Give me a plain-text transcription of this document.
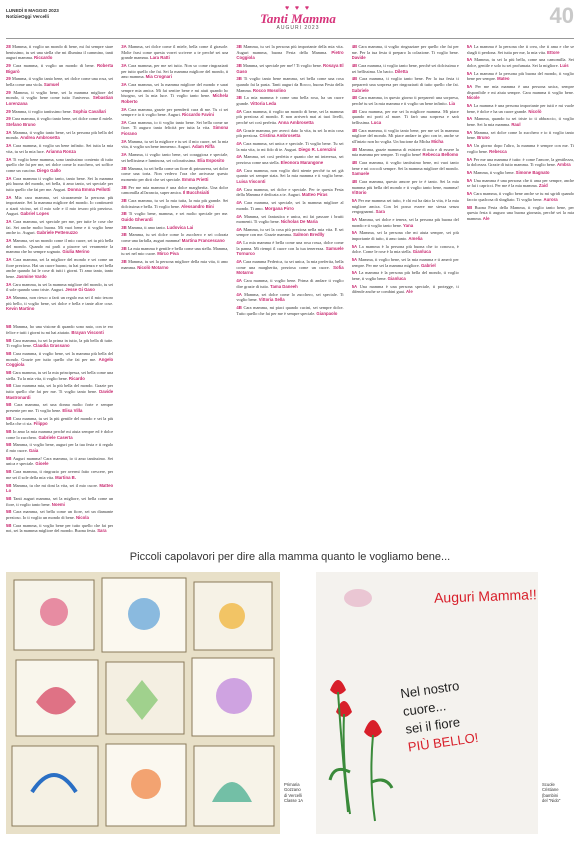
LUNEDÌ 8 MAGGIO 2023
NotizieOggi Vercelli
♥ ♥ ♥
Tanti Mamma
AUGURI 2023	40

28 Mamma, ti voglio un mondo di bene, mi fai sempre stare benissimo, tu sei una stella che mi illumina il cammino, tanti auguri mamma. Riccardo

29 Cara mamma, ti voglio un mondo di bene. Roberta Bigarò

29 Mamma, ti voglio tanto bene, sei dolce come una rosa, sei bella come una viola. Samuel

29 Mamma, ti voglio bene, sei la mamma migliore del mondo, ti voglio bene come tutto l'universo. Sebastian Lorenzana

29 Mamma, ti voglio tantissimo bene. Sophia Cavallari

29 Cara mamma, ti voglio tanto bene, sei dolce come il miele. Stefano Bruno

3A Mamma, ti voglio tanto bene, sei la persona più bella del mondo. Andrea Ambrosetta

3A Cara mamma, ti voglio un bene infinito. Sei tutta la mia vita, tu sei la mia luce. Arianna Ronza

3A Ti voglio bene mamma, sono tantissimo contento di tutto quello che fai per me, sei dolce come lo zucchero, sei soffice come un cuscino. Diego Gallo

3A Cara mamma ti voglio tanto, tanto bene. Sei la mamma più buona del mondo, sei bella, ti amo tanto, sei speciale per tutto quello che fai per me. Auguri. Donna Emma Pellotti

3A Mia cara mamma, sei sicuramente la persona più importante. Sei la mamma migliore del mondo. Io continuerò a starti vicino, sei il mio sole e il mio tesoro più prezioso. Auguri. Gabriel Lopes

3A Cara mamma, sei speciale per me, per tutte le cose che fai. Sei anche molto buona. Mi vuoi bene e ti voglio bene anche io. Auguri. Gabriele Pettenuzzo

3A Mamma, sei un mondo come il mio cuore, sei tu più bella del mondo. Quando mi parli a piacere sei veramente la mamma che ho sempre sognato. Giulia Merino

3A Cara mamma, sei la migliore del mondo e sei come un fiore prezioso. Hai un cuore buono, tu hai pazienza e sei bella anche quando fai le cose di tutti i giorni. Ti amo tanto, tanto bene. Jasmine Vardo

3A Cara mamma, tu sei la mamma migliore del mondo, tu sei il sole quando sono triste. Auguri. Jesse Gi Gaso

3A Mamma, non riesco a farti un regalo ma sei il mio tesoro più bello, ti voglio bene, sei dolce e bella e tante altre cose. Kevin Martino

3A Mamma, sei dolce come il miele, bella come il girasole. Molte frasi come questa vorrei scrivere a te perché sei una grande mamma. Lara Ratti

3A Cara mamma, per me sei tutto. Non so come ringraziarti per tutto quello che fai. Sei la mamma migliore del mondo, ti amo mamma. Mia Crognari

3A Cara mamma, sei la mamma migliore del mondo e sarai sempre mia amica. Mi fai sentire bene e mi aiuti quando ho bisogno, sei la mia luce. Ti voglio tanto bene. Michela Roberto

3A Cara mamma, grazie per prenderti cura di me. Tu ci sei sempre e io ti voglio bene. Auguri. Riccardo Favini

3A Cara mamma, io ti voglio tanto bene. Sei bella come un fiore. Ti auguro tanta felicità per tutta la vita. Simona Fiorano

3A Mamma, tu sei la migliore e tu sei il mio cuore, sei la mia vita, ti voglio un bene immenso. Auguri. Adam Riffa

3A Mamma, ti voglio tanto bene, sei coraggiosa e speciale, sei bellissima e luminosa, sei coloratissima. Elia Esposito

3B Mamma, tu sei bella come un fiore di primavera, sei dolce come una torta. Non vedevo l'ora che arrivasse questo momento per dirti che sei speciale. Emma Prietti

3B Per me mia mamma è una dolce margherita. Una dolce camomilla all'arancia, super amica. Il Bucchsiaiti

3B Cara mamma, tu sei la mia tutta, la mia più grande. Sei dolcissima e bella. Ti voglio bene. Alessandro Bini

3B Ti voglio bene, mamma, e sei molto speciale per me. Guido Gherardi

3B Mamma, ti amo tanto. Ludovica Lai

3B Mamma, tu sei dolce come lo zucchero e sei colorata come una farfalla, auguri mamma! Martina Francescano

3B La mia mamma è gentile e bella come una stella. Mamma, tu sei nel mio cuore. Mirco Piva

3B Mamma, tu sei la persona migliore della mia vita, ti amo mamma. Nicolò Motarno

3B Mamma, tu sei la persona più importante della mia vita. Auguri mamma, buona Festa della Mamma. Pietro Coggiola

3B Mamma, sei speciale per me!! Ti voglio bene. Rosaya El Gaso

3B Ti voglio tanto bene mamma, sei bella come una rosa quando fai la pasta. Tanti auguri da Rocco, buona Festa della Mamma. Rocco Mosolino

3B La mia mamma è come una bella rosa, ha un cuore grande. Vittoria Leda

4A Cara mamma, ti voglio un mondo di bene, sei la mamma più preziosa al mondo. E non arriverà mai ai tuoi livelli, perché sei così perfetta. Anna Ambrosetta

4A Grazie mamma, per averci dato la vita, tu sei la mia cosa più preziosa. Cristina Ambrosetta

4A Cara mamma, sei unica e speciale. Ti voglio bene. Tu sei la mia vita, io mi fido di te. Auguri. Diego R. Lorenzini

4A Mamma, sei così perfetta e quanto che mi interessa, sei preziosa come una stella. Eleonora Marangone

4A Cara mamma, non voglio dirti niente perché tu sei già quanto sei sempre stata. Sei la mia mamma e ti voglio bene. Luisa Visconti

4A Cara mamma, sei dolce e speciale. Per te questa Festa della Mamma è dedicata a te. Auguri. Matteo Piras

4A Cara mamma, sei speciale, sei la mamma migliore al mondo. Ti amo. Morgana Pirro

4A Mamma, sei fantastica e unica, mi fai passare i brutti momenti. Ti voglio bene. Nicholas De Maria

4A Mamma, tu sei la cosa più preziosa nella mia vita. E sei sempre con me. Grazie mamma. Salmon Bredlly

4A La mia mamma è bella come una rosa rossa, dolce come la panna. Mi riempi il cuore con la tua tenerezza. Samuele Tornurco

4A Cara mamma Federica, tu sei unica, la mia preferita, bella come una margherita, preziosa come un cuore. Sofia Motarno

4A Cara mamma, ti voglio bene. Prima di andare ti voglio dire grazie di tutto. Tama Daneeh

4A Mamma, sei dolce come lo zucchero, sei speciale. Ti voglio bene. Vittoria Sella

4B Cara mamma, mi piaci quando cucini, sei sempre dolce. Tutto quello che fai per me è sempre speciale. Gianpaolo

4B Cara mamma, ti voglio ringraziare per quello che fai per me. Per la tua festa ti preparo la colazione. Ti voglio bene. Davide

4B Cara mamma, ti voglio tanto bene, perché sei dolcissima e sei bellissima. Un bacio. Diletta

4B Cara mamma, ti voglio tanto bene. Per la tua festa ti preparerò una sorpresa per ringraziarti di tutto quello che fai. Gabriele

4B Cara mamma, in questo giorno ti preparerò una sorpresa, perché tu sei la mia mamma e ti voglio un bene infinito. Lia

4B Cara mamma, per me sei la migliore mamma. Mi piace quando mi porti al mare. Ti farò una sorpresa e sarà bellissima. Luca

4B Cara mamma, ti voglio tanto bene, per me sei la mamma migliore del mondo. Mi piace andare in giro con te, anche se all'inizio non ho voglia. Un bacione da Micha Micha

4B Mamma, grazie mamma di esistere di mia e di essere la mia mamma per sempre. Ti voglio bene! Rebecca Bellomo

4B Cara mamma, ti voglio tantissimo bene, mi vuoi tanto bene e mi coccoli sempre. Sei la mamma migliore del mondo. Samuele

4B Cara mamma, questo amore per te è tanto. Sei la mia mamma più bella del mondo e ti voglio tanto bene, mamma! Vittorio

5A Per me mamma sei tutto, è chi mi ha dato la vita, è la mia migliore amica. Con lei posso essere me stessa senza vergognarmi. Sara

5A Mamma, sei dolce e tenera, sei la persona più buona del mondo e ti voglio tanto bene. Yana

5A Mamma, sei la persona che mi aiuta sempre, sei più importante di tutto, ti amo tanto. Amelia

5A La mamma è la persona più buona che io conosca, è dolce. Come le rose è la mia stella. Gianluca

5A Mamma, ti voglio bene, sei la mia mamma e ti amerò per sempre. Per me sei la mamma migliore. Gabriel

5A La mamma è la persona più bella del mondo, ti voglio bene, ti voglio bene. Gianluca

5A Una mamma è una persona speciale, ti protegge, ti difende anche se combini guai. Ale

5A La mamma è la persona che ti crea, che ti ama e che se sbagli ti perdona. Sei tutta per me, la mia vita. Ettore

5A Mamma, tu sei la più bella, come una camomilla. Sei dolce, gentile e solo tu sei profumata. Sei la migliore. Luis

5A La mamma è la persona più buona del mondo, ti voglio bene per sempre. Mateo

5A Per me mia mamma è una persona unica, sempre disponibile e mi aiuta sempre. Cara mamma ti voglio bene. Nicole

5A La mamma è una persona importante per tutti e mi vuole bene, è dolce e ha un cuore grande. Nicolò

5A Mamma, quando tu sei triste io ti abbraccio, ti voglio bene. Sei la mia mamma. Raul

5A Mamma, sei dolce come lo zucchero e io ti voglio tanto bene. Bruno

5A Un giorno dopo l'altro, la mamma è sempre con me. Ti voglio bene. Rebecca

5A Per me una mamma è tutto: è come l'amore, la gentilezza, la dolcezza. Grazie di tutto mamma. Ti voglio bene. Ambra

5A Mamma, ti voglio bene. Simone Bagnato

5A Una mamma è una persona che ti ama per sempre, anche se fai i capricci. Per me è la mia mamma. Zaid

5A Cara mamma, ti voglio bene anche se tu mi sgridi quando faccio qualcosa di sbagliato. Ti voglio bene. Aurora

5B Buona Festa della Mamma, ti voglio tanto bene, per questa festa ti auguro una buona giornata, perché sei la mia mamma. Ale

5B Mamma, ho una visione di quando sono nato, con te ero felice e tutti i giorni tu mi hai aiutato. Brayan Visconti

5B Cara mamma, tu sei la prima in tutto, la più bella di tutte. Ti voglio bene. Claudia Grassano

5B Cara mamma, ti voglio bene, sei la mamma più bella del mondo. Grazie per tutto quello che fai per me. Angelo Coggiola

5B Cara mamma, tu sei la mia principessa, sei bella come una stella. Tu la mia vita, ti voglio bene. Ricardo

5B Ciao mamma mia, sei la più bella del mondo. Grazie per tutto quello che fai per me. Ti voglio tanto bene. Davide Mastronardi

5B Cara mamma, sei una donna molto forte e sempre presente per me. Ti voglio bene. Elisa Villa

5B Cara mamma, tu sei la più gentile del mondo e sei la più bella che ci sia. Filippo

5B Io amo la mia mamma perché mi aiuta sempre ed è dolce come lo zucchero. Gabriele Caserta

5B Mamma, ti voglio bene, auguri per la tua festa e ti regalo il mio cuore. Gaia

5B Auguri mamma! Cara mamma, io ti amo tantissimo. Sei unica e speciale. Gioele

5B Cara mamma, ti ringrazio per avermi fatto crescere, per me sei il sole della mia vita. Martina B.

5B Mamma, tu che mi doni la vita, sei il mio cuore. Matteo Lo

5B Tanti auguri mamma, sei la migliore, sei bella come un fiore, ti voglio tanto bene. Noemi

5B Cara mamma, sei bella come un fiore, sei un diamante prezioso. Io ti voglio un mondo di bene. Nicola

5B Cara mamma, ti voglio bene per tutto quello che fai per noi, sei la mamma migliore del mondo. Buona festa. Sara

Piccoli capolavori per dire alla mamma quanto le vogliamo bene...
Primaria
Gozzano
di Vercelli
Classe 1A
Auguri Mamma!!
Nel nostro
cuore...
sei il fiore
PIÙ BELLO!
Scuole
Cristiane
(bambini
del "Nido"
